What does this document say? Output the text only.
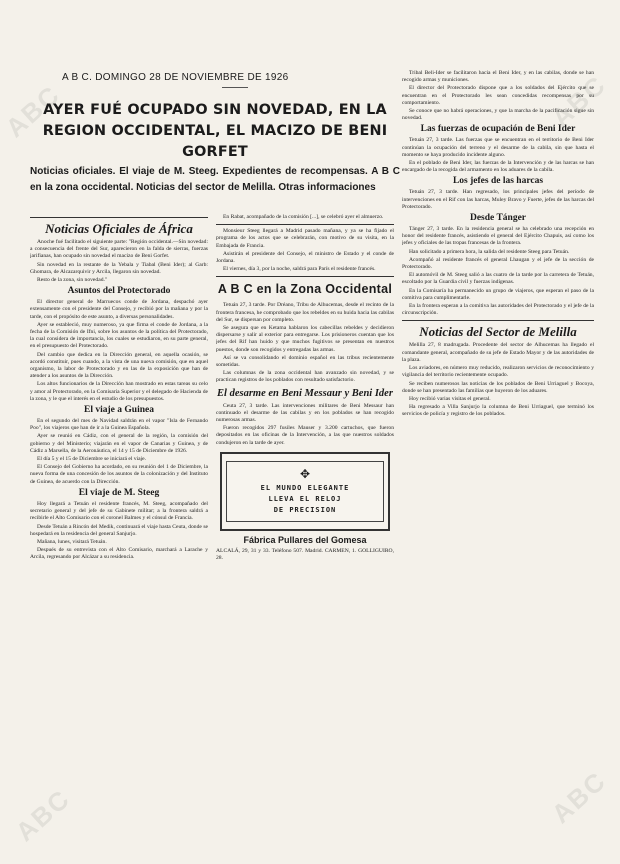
ABC	ABC
ABC	ABC

A B C. DOMINGO 28 DE NOVIEMBRE DE 1926

AYER FUÉ OCUPADO SIN NOVEDAD, EN LA REGION OCCIDENTAL, EL MACIZO DE BENI GORFET

Noticias oficiales. El viaje de M. Steeg. Expedientes de recompensas. A B C en la zona occidental. Noticias del sector de Melilla. Otras informaciones

Noticias Oficiales de África

Anoche fué facilitado el siguiente parte: "Región occidental.—Sin novedad: a consecuencia del frente del Sur, aparecieron en la falda de sierras, fuerzas jarifianas, han ocupado sin novedad el macizo de Beni Gorfet.

Sin novedad en la restante de la Yebala y Tiabal (Beni Ider); al Garb: Ghomara, de Alcazarquivir y Arcila, llegaron sin novedad.

Resto de la zona, sin novedad."

Asuntos del Protectorado

El director general de Marruecos conde de Jordana, despachó ayer extensamente con el presidente del Consejo, y recibió por la mañana y por la tarde, con el propósito de este asunto, a diversas personalidades.

Ayer se estableció, muy numeroso, ya que firma el conde de Jordana, a la fecha de la Comisión de Ifni, sobre los asuntos de la política del Protectorado, la cual considera de importancia, los cuales se estudiaron, en su parte general, en el presupuesto del Protectorado.

Del cambio que dedica en la Dirección general, en aquella ocasión, se acordó constituir, pues cuando, a la vista de una nueva comisión, que en aquel organismo, la labor de Protectorado y en las de la exposición que han de atender a los asuntos de la Dirección.

Los altos funcionarios de la Dirección han mostrado en estas tareas su celo y amor al Protectorado, en la Comisaría Superior y el delegado de Hacienda de la zona, y le que el interés en el estudio de los presupuestos.

El viaje a Guinea

En el segundo del mes de Navidad saldrán en el vapor "Isla de Fernando Poo", los viajeros que han de ir a la Guinea Española.

Ayer se reunió en Cádiz, con el general de la región, la comisión del gobierno y del Ministerio; viajarán en el vapor de Canarias y Guinea, y de Cádiz a Marsella, de la Aeronáutica, el 14 y 15 de Diciembre de 1926.

El día 5 y el 15 de Diciembre se iniciará el viaje.

El Consejo del Gobierno ha acordado, en su reunión del 1 de Diciembre, la nueva forma de una concesión de los asuntos de la colonización y del Instituto de Guinea, de acuerdo con la Dirección.

El viaje de M. Steeg

Hoy llegará a Tetuán el residente francés, M. Steeg, acompañado del secretario general y del jefe de su Gabinete militar; a la frontera saldrá a recibirle el Alto Comisario con el coronel Balmes y el cónsul de Francia.

Desde Tetuán a Rincón del Medik, continuará el viaje hasta Ceuta, donde se hospedará en la residencia del general Sanjurjo.

Mañana, lunes, visitará Tetuán.

Después de su entrevista con el Alto Comisario, marchará a Larache y Arcila, regresando por Alcázar a su residencia.

En Rabat, acompañado de la comisión [...], se celebró ayer el almuerzo.

Monsieur Steeg llegará a Madrid pasado mañana, y ya se ha fijado el programa de los actos que se celebrarán, con motivo de su visita, en la Embajada de Francia.

Asistirán el presidente del Consejo, el ministro de Estado y el conde de Jordana.

El viernes, día 3, por la noche, saldrá para París el residente francés.

A B C en la Zona Occidental

Tetuán 27, 3 tarde. Por Dréano, Tribu de Alhucemas, desde el recinto de la frontera francesa, he comprobado que los rebeldes en su huida hacia las cabilas del Sur, se dispersan por completo.

Se asegura que en Ketama hablaron los cabecillas rebeldes y decidieron dispersarse y salir al exterior para entregarse. Los prisioneros cuentan que los jefes del Rif han huido y que muchos fugitivos se presentan en nuestros puestos, donde son recogidos y entregadas las armas.

Así se va consolidando el dominio español en las tribus recientemente sometidas.

Las columnas de la zona occidental han avanzado sin novedad, y se practican registros de los poblados con resultado satisfactorio.

El desarme en Beni Messaur y Beni Ider

Ceuta 27, 3 tarde. Las intervenciones militares de Beni Messaur han continuado el desarme de las cabilas y en los poblados se han recogido numerosas armas.

Fueron recogidos 297 fusiles Mauser y 3.200 cartuchos, que fueron depositados en las oficinas de la Intervención, a las que nuestros soldados condujeron en la tarde de ayer.

✥
EL MUNDO ELEGANTE
LLEVA EL RELOJ
DE PRECISION
Fábrica Pullares del Gomesa

ALCALÁ, 29, 31 y 33. Teléfono 507. Madrid. CARMEN, 1. GOLLIGUIRO, 28.

Tribal Beli-Ider se facilitaron hacia el Beni Ider, y en las cabilas, donde se han recogido armas y municiones.

El director del Protectorado dispone que a los soldados del Ejército que se encuentran en el Protectorado les sean concedidas recompensas por su comportamiento.

Se conoce que no habrá operaciones, y que la marcha de la pacificación sigue sin novedad.

Las fuerzas de ocupación de Beni Ider

Tetuán 27, 3 tarde. Las fuerzas que se encuentran en el territorio de Beni Ider continúan la ocupación del terreno y el desarme de la cabila, sin que hasta el momento se haya producido incidente alguno.

En el poblado de Beni Ider, las fuerzas de la Intervención y de las harcas se han encargado de la recogida del armamento en los aduares de la cabila.

Los jefes de las harcas

Tetuán 27, 3 tarde. Han regresado, los principales jefes del período de intervenciones en el Rif con las harcas, Muley Bravo y Fuerte, jefes de las harcas del Protectorado.

Desde Tánger

Tánger 27, 3 tarde. En la residencia general se ha celebrado una recepción en honor del residente francés, asistiendo el general del Ejército Chapuis, así como los jefes y oficiales de las tropas francesas de la frontera.

Han solicitado a primera hora, la salida del residente Steeg para Tetuán.

Acompañó al residente francés el general Lhaugan y el jefe de la sección de Protectorado.

El automóvil de M. Steeg salió a las cuatro de la tarde por la carretera de Tetuán, escoltado por la Guardia civil y fuerzas indígenas.

En la Comisaría ha permanecido un grupo de viajeros, que esperan el paso de la comitiva para cumplimentarle.

En la frontera esperan a la comitiva las autoridades del Protectorado y el jefe de la circunscripción.

Noticias del Sector de Melilla

Melilla 27, 8 madrugada. Procedente del sector de Alhucemas ha llegado el comandante general, acompañado de su jefe de Estado Mayor y de las autoridades de la plaza.

Los aviadores, en número muy reducido, realizaron servicios de reconocimiento y vigilancia del territorio recientemente ocupado.

Se reciben numerosos las noticias de los poblados de Beni Urriaguel y Bocoya, donde se han presentado las familias que huyeron de los aduares.

Hoy recibió varias visitas el general.

Ha regresado a Villa Sanjurjo la columna de Beni Urriaguel, que terminó los servicios de policía y registro de los poblados.
